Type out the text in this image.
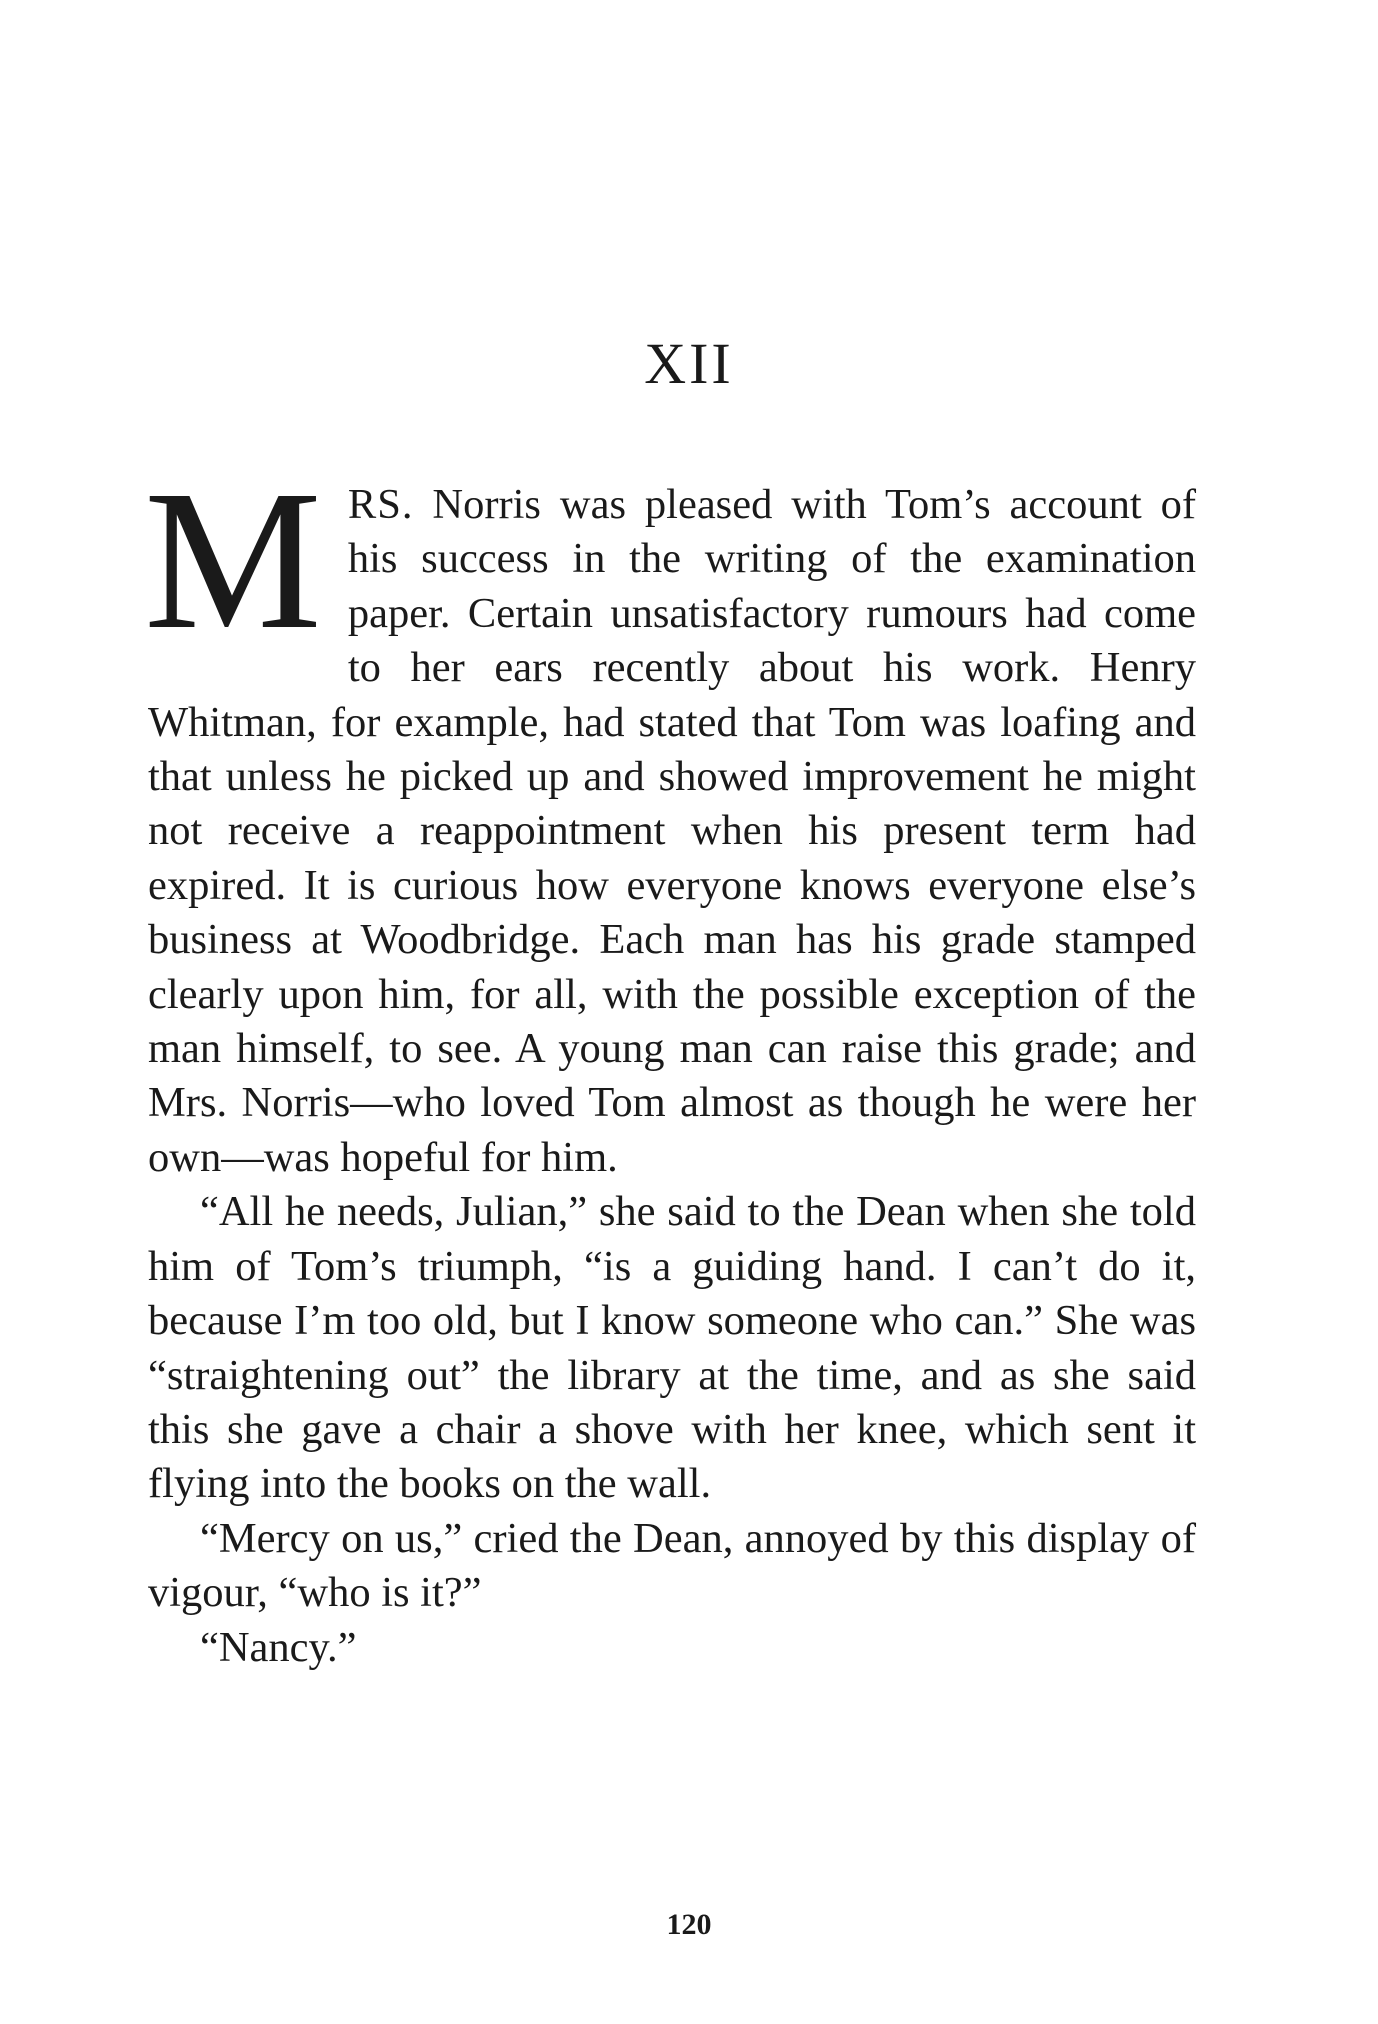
XII

MRS. Norris was pleased with Tom’s account of his success in the writing of the examination paper. Certain unsatisfactory rumours had come to her ears recently about his work. Henry Whitman, for example, had stated that Tom was loafing and that unless he picked up and showed improvement he might not receive a reappointment when his present term had expired. It is curious how everyone knows everyone else’s business at Woodbridge. Each man has his grade stamped clearly upon him, for all, with the possible exception of the man himself, to see. A young man can raise this grade; and Mrs. Norris—who loved Tom almost as though he were her own—was hopeful for him.

“All he needs, Julian,” she said to the Dean when she told him of Tom’s triumph, “is a guiding hand. I can’t do it, because I’m too old, but I know someone who can.” She was “straightening out” the library at the time, and as she said this she gave a chair a shove with her knee, which sent it flying into the books on the wall.

“Mercy on us,” cried the Dean, annoyed by this display of vigour, “who is it?”

“Nancy.”

120
